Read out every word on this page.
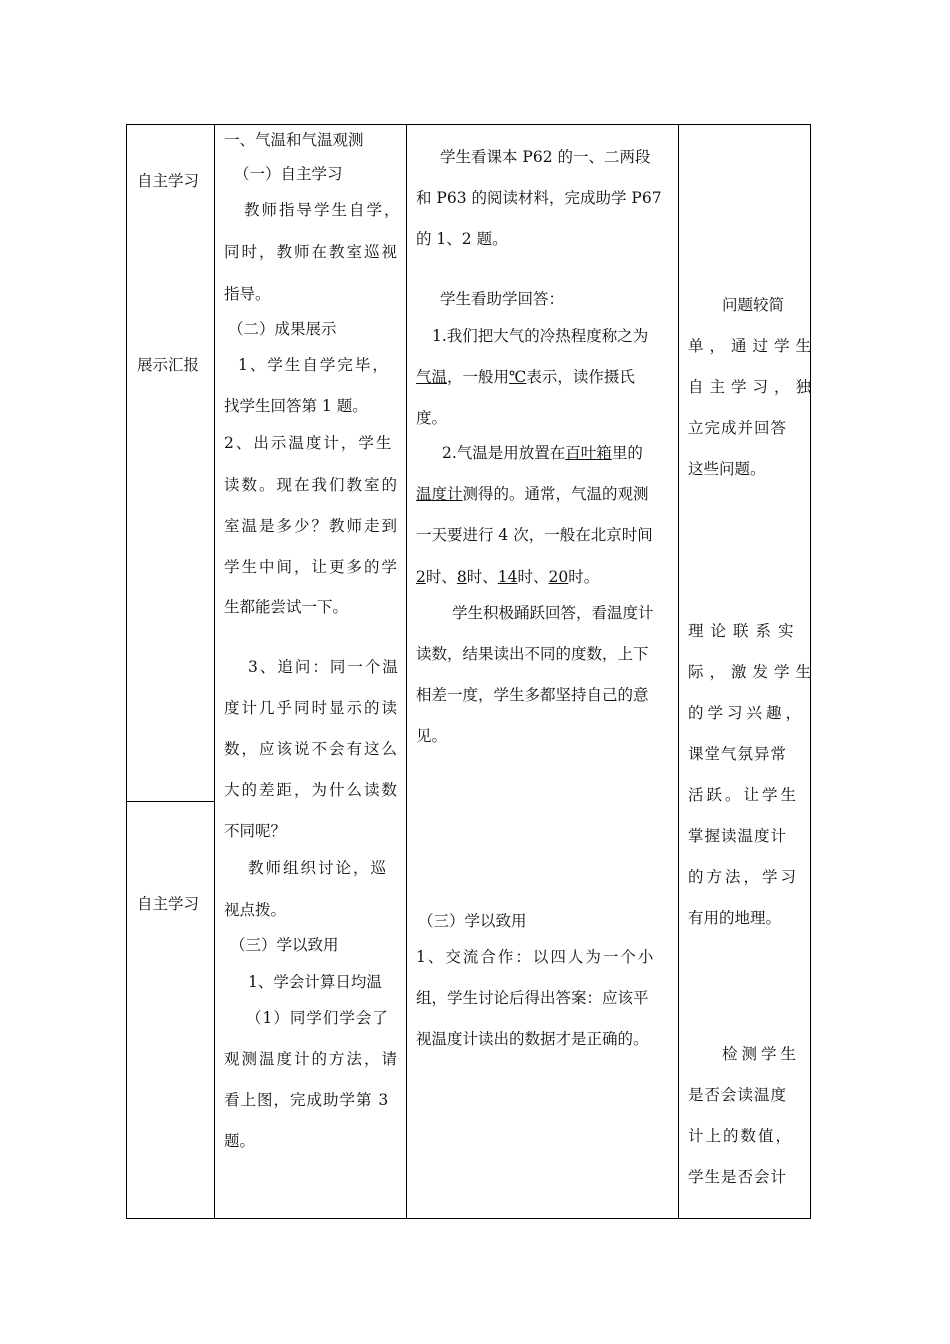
自主学习
展示汇报
自主学习
一、气温和气温观测
（一）自主学习
教师指导学生自学，
同时，教师在教室巡视
指导。
（二）成果展示
1、学生自学完毕，
找学生回答第 1 题。
2、出示温度计，学生
读数。现在我们教室的
室温是多少？教师走到
学生中间，让更多的学
生都能尝试一下。
3、追问：同一个温
度计几乎同时显示的读
数，应该说不会有这么
大的差距，为什么读数
不同呢？
教师组织讨论，巡
视点拨。
（三）学以致用
1、学会计算日均温
（1）同学们学会了
观测温度计的方法，请
看上图，完成助学第 3
题。
学生看课本 P62 的一、二两段
和 P63 的阅读材料，完成助学 P67
的 1、2 题。
学生看助学回答：
1.我们把大气的冷热程度称之为
气温，一般用℃表示，读作摄氏
度。
2.气温是用放置在百叶箱里的
温度计测得的。通常，气温的观测
一天要进行 4 次，一般在北京时间
2时、8时、14时、20时。
学生积极踊跃回答，看温度计
读数，结果读出不同的度数，上下
相差一度，学生多都坚持自己的意
见。
（三）学以致用
1、交流合作：以四人为一个小
组，学生讨论后得出答案：应该平
视温度计读出的数据才是正确的。
问题较简
单，通过学生
自主学习，独
立完成并回答
这些问题。
理论联系实
际，激发学生
的学习兴趣，
课堂气氛异常
活跃。让学生
掌握读温度计
的方法，学习
有用的地理。
检测学生
是否会读温度
计上的数值，
学生是否会计
